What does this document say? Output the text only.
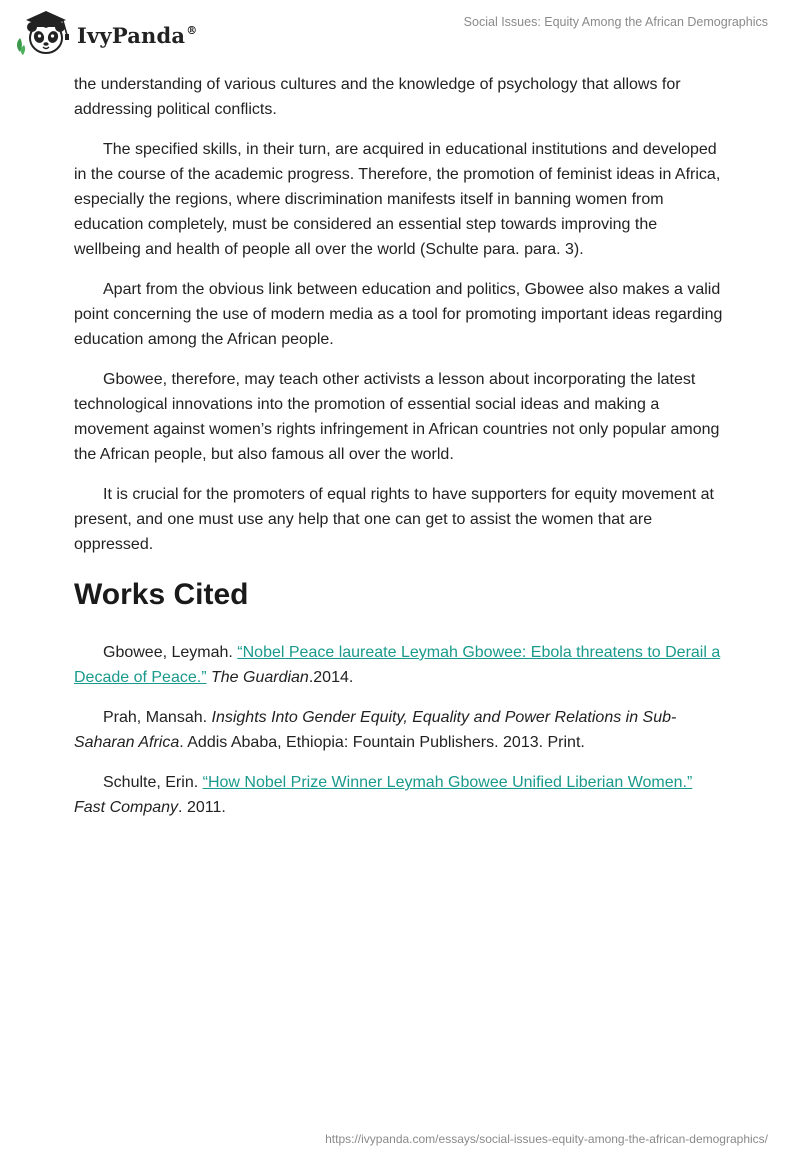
IvyPanda®
Social Issues: Equity Among the African Demographics

the understanding of various cultures and the knowledge of psychology that allows for addressing political conflicts.

The specified skills, in their turn, are acquired in educational institutions and developed in the course of the academic progress. Therefore, the promotion of feminist ideas in Africa, especially the regions, where discrimination manifests itself in banning women from education completely, must be considered an essential step towards improving the wellbeing and health of people all over the world (Schulte para. para. 3).

Apart from the obvious link between education and politics, Gbowee also makes a valid point concerning the use of modern media as a tool for promoting important ideas regarding education among the African people.

Gbowee, therefore, may teach other activists a lesson about incorporating the latest technological innovations into the promotion of essential social ideas and making a movement against women’s rights infringement in African countries not only popular among the African people, but also famous all over the world.

It is crucial for the promoters of equal rights to have supporters for equity movement at present, and one must use any help that one can get to assist the women that are oppressed.

Works Cited

Gbowee, Leymah. “Nobel Peace laureate Leymah Gbowee: Ebola threatens to Derail a Decade of Peace.” The Guardian.2014.

Prah, Mansah. Insights Into Gender Equity, Equality and Power Relations in Sub-Saharan Africa. Addis Ababa, Ethiopia: Fountain Publishers. 2013. Print.

Schulte, Erin. “How Nobel Prize Winner Leymah Gbowee Unified Liberian Women.” Fast Company. 2011.

https://ivypanda.com/essays/social-issues-equity-among-the-african-demographics/
